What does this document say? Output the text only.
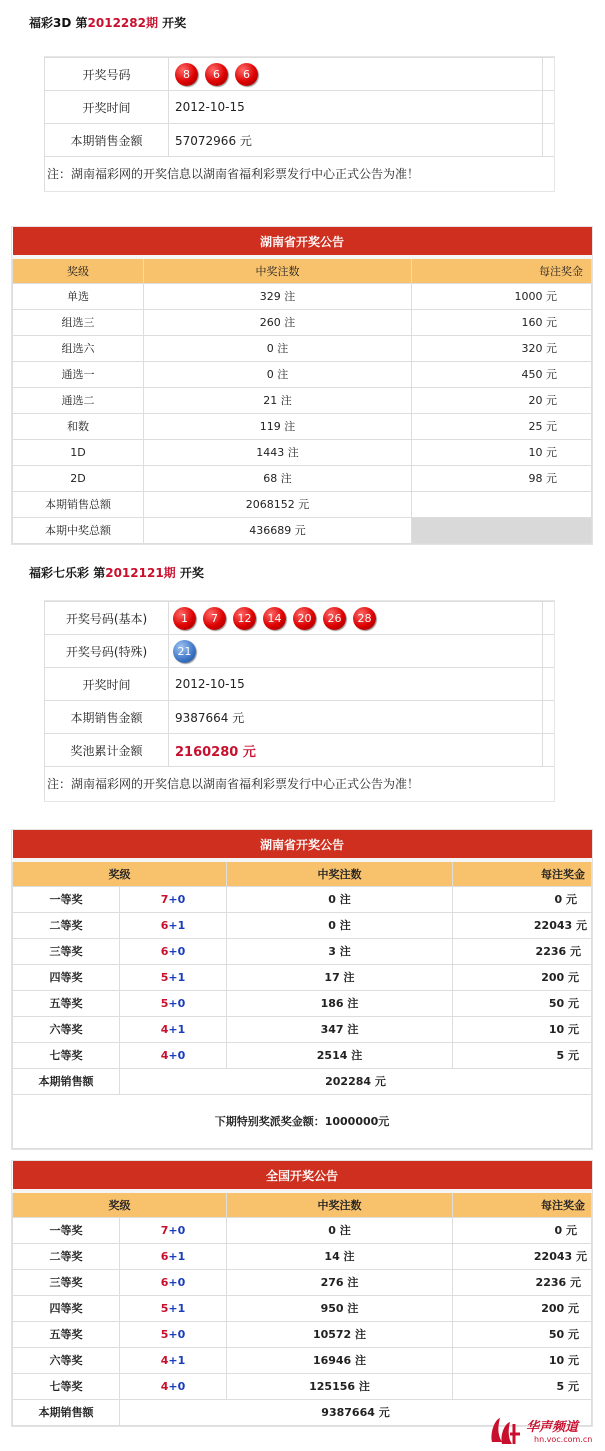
福彩3D 第2012282期 开奖
开奖号码	8 6 6	
开奖时间	2012-10-15	
本期销售金额	57072966 元	
注：湖南福彩网的开奖信息以湖南省福利彩票发行中心正式公告为准！
湖南省开奖公告		
奖级	中奖注数	每注奖金
单选	329 注	1000 元
组选三	260 注	160 元
组选六	0 注	320 元
通选一	0 注	450 元
通选二	21 注	20 元
和数	119 注	25 元
1D	1443 注	10 元
2D	68 注	98 元
本期销售总额	2068152 元	
本期中奖总额	436689 元	
福彩七乐彩 第2012121期 开奖
开奖号码(基本)	1 7 12 14 20 26 28	
开奖号码(特殊)	21	
开奖时间	2012-10-15	
本期销售金额	9387664 元	
奖池累计金额	2160280 元	
注：湖南福彩网的开奖信息以湖南省福利彩票发行中心正式公告为准！
湖南省开奖公告			
奖级		中奖注数	每注奖金
一等奖	7+0	0 注	0 元
二等奖	6+1	0 注	22043 元
三等奖	6+0	3 注	2236 元
四等奖	5+1	17 注	200 元
五等奖	5+0	186 注	50 元
六等奖	4+1	347 注	10 元
七等奖	4+0	2514 注	5 元
本期销售额	202284 元		
下期特别奖派奖金额：1000000元			
全国开奖公告			
奖级		中奖注数	每注奖金
一等奖	7+0	0 注	0 元
二等奖	6+1	14 注	22043 元
三等奖	6+0	276 注	2236 元
四等奖	5+1	950 注	200 元
五等奖	5+0	10572 注	50 元
六等奖	4+1	16946 注	10 元
七等奖	4+0	125156 注	5 元
本期销售额	9387664 元		
华声频道
hn.voc.com.cn
